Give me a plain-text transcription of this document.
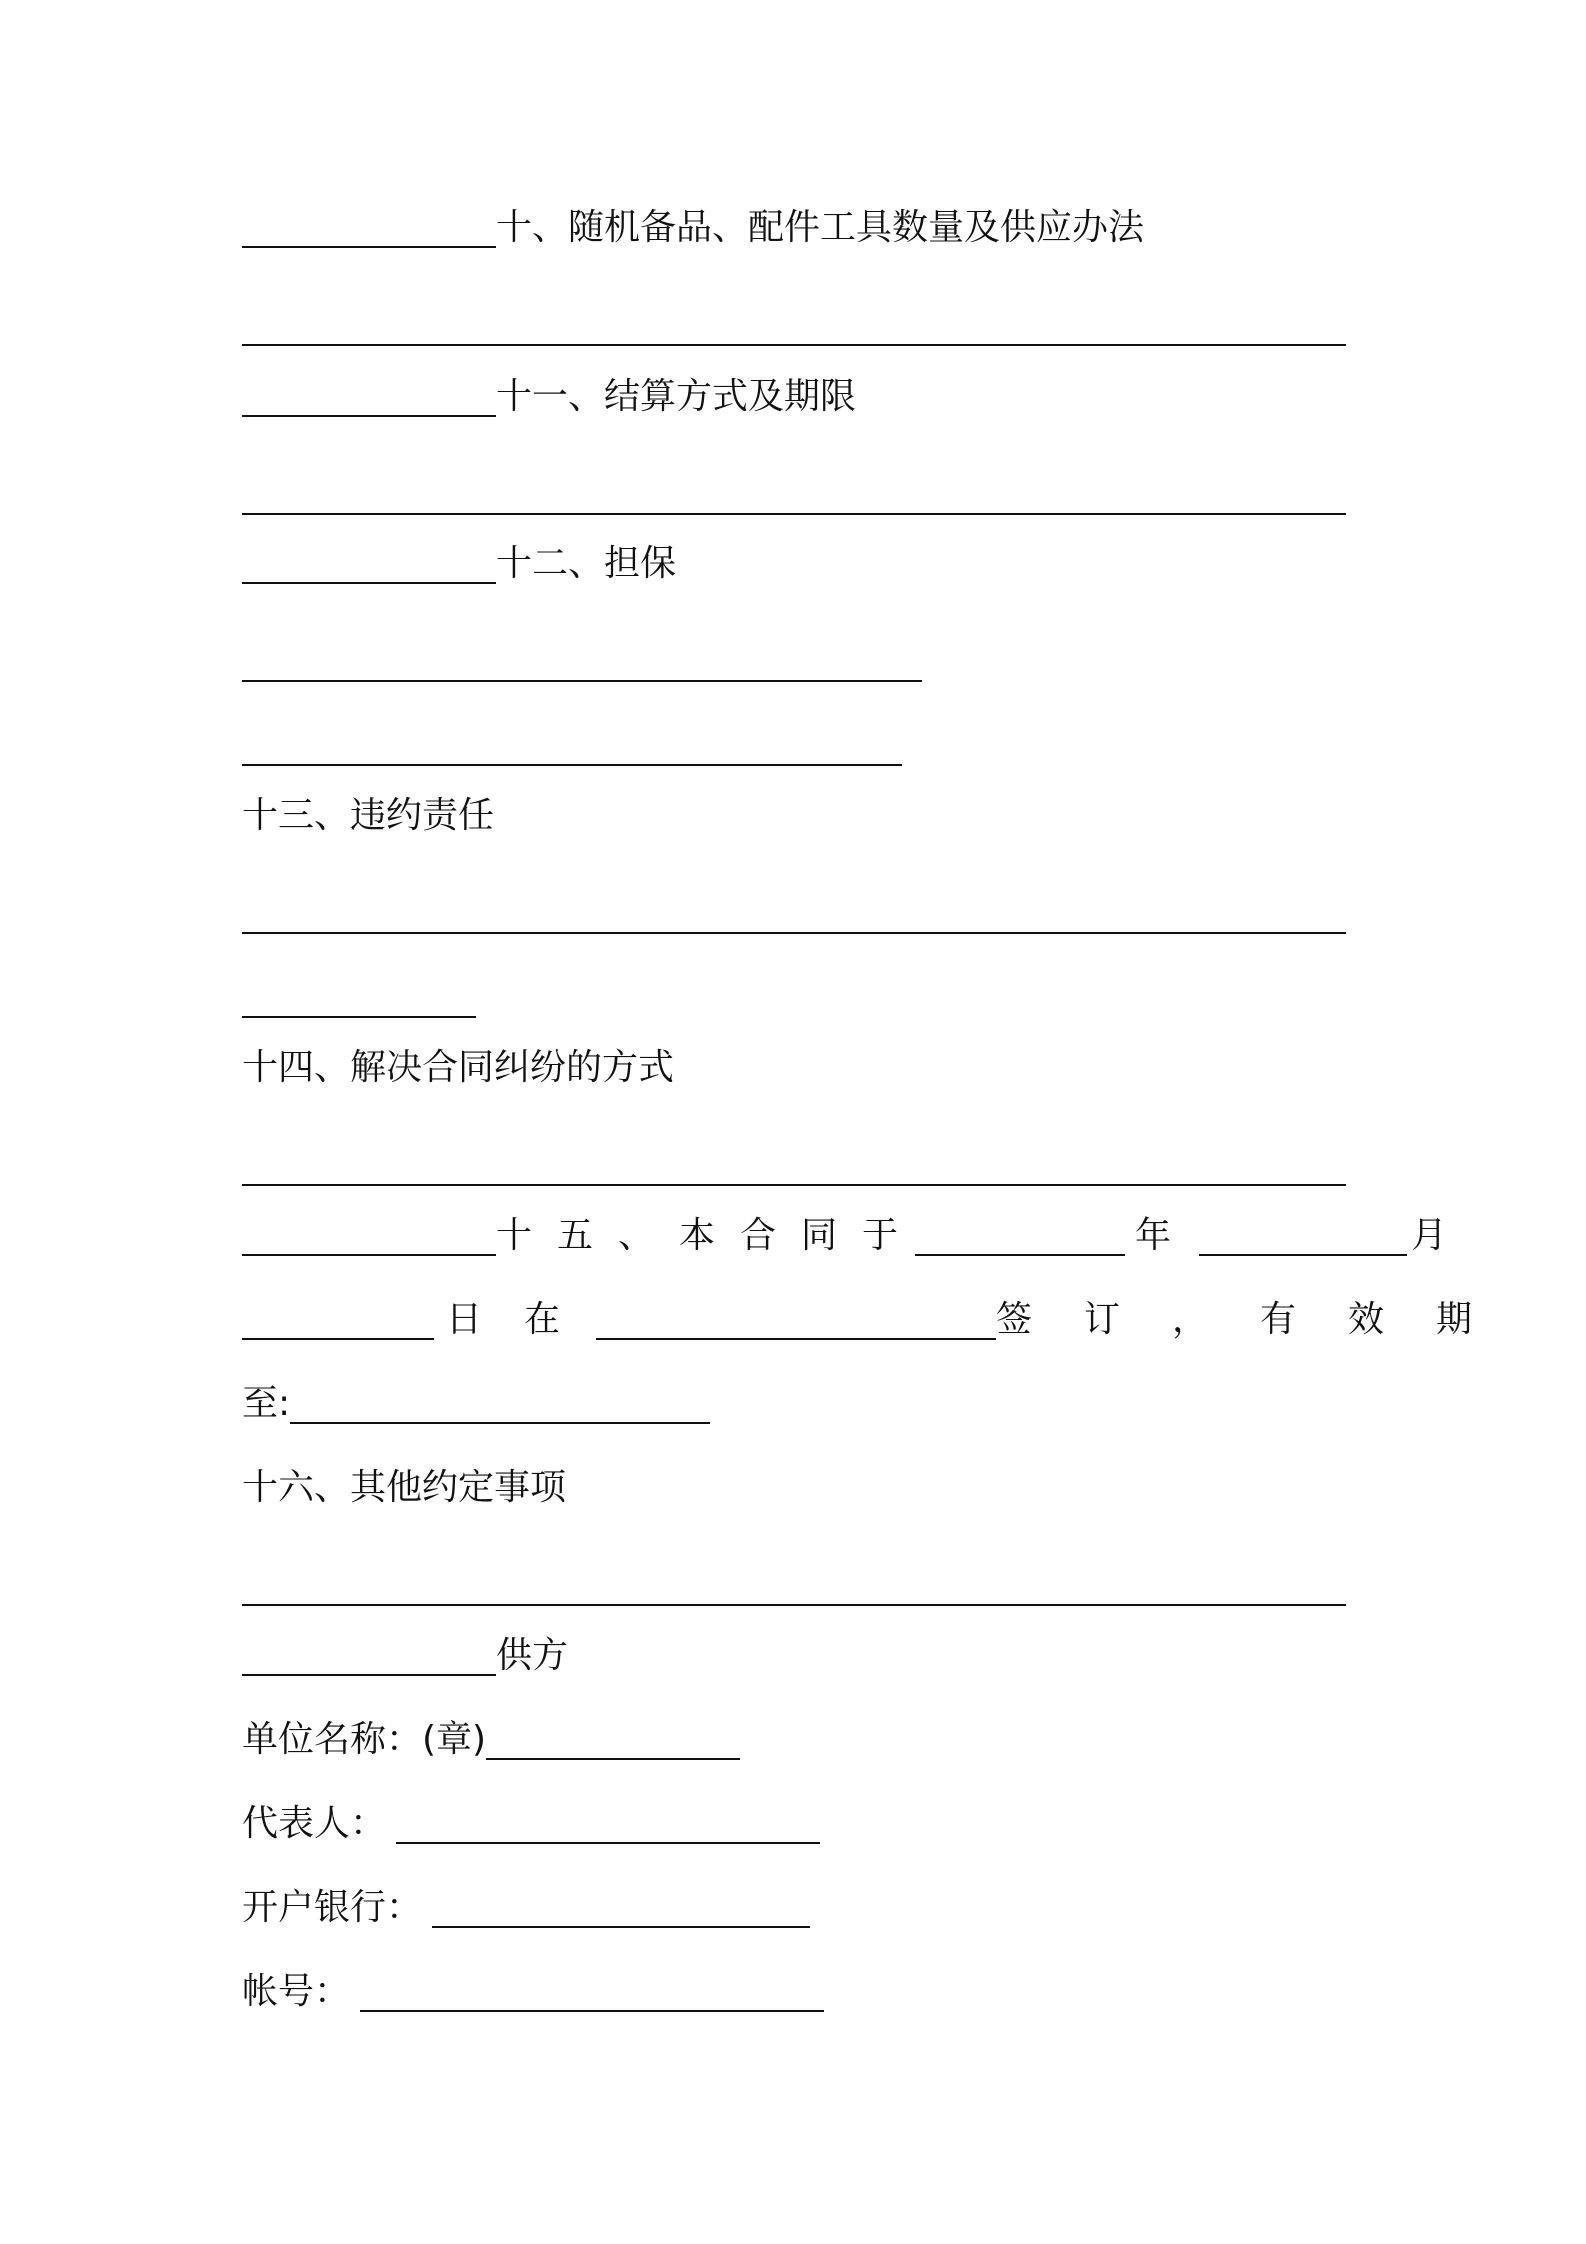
十、随机备品、配件工具数量及供应办法
十一、结算方式及期限
十二、担保
十三、违约责任
十四、解决合同纠纷的方式
十五、本合同于	年	月
日 在	签订，有效期
至:
十六、其他约定事项
供方
单位名称：(章)
代表人：
开户银行：
帐号：
